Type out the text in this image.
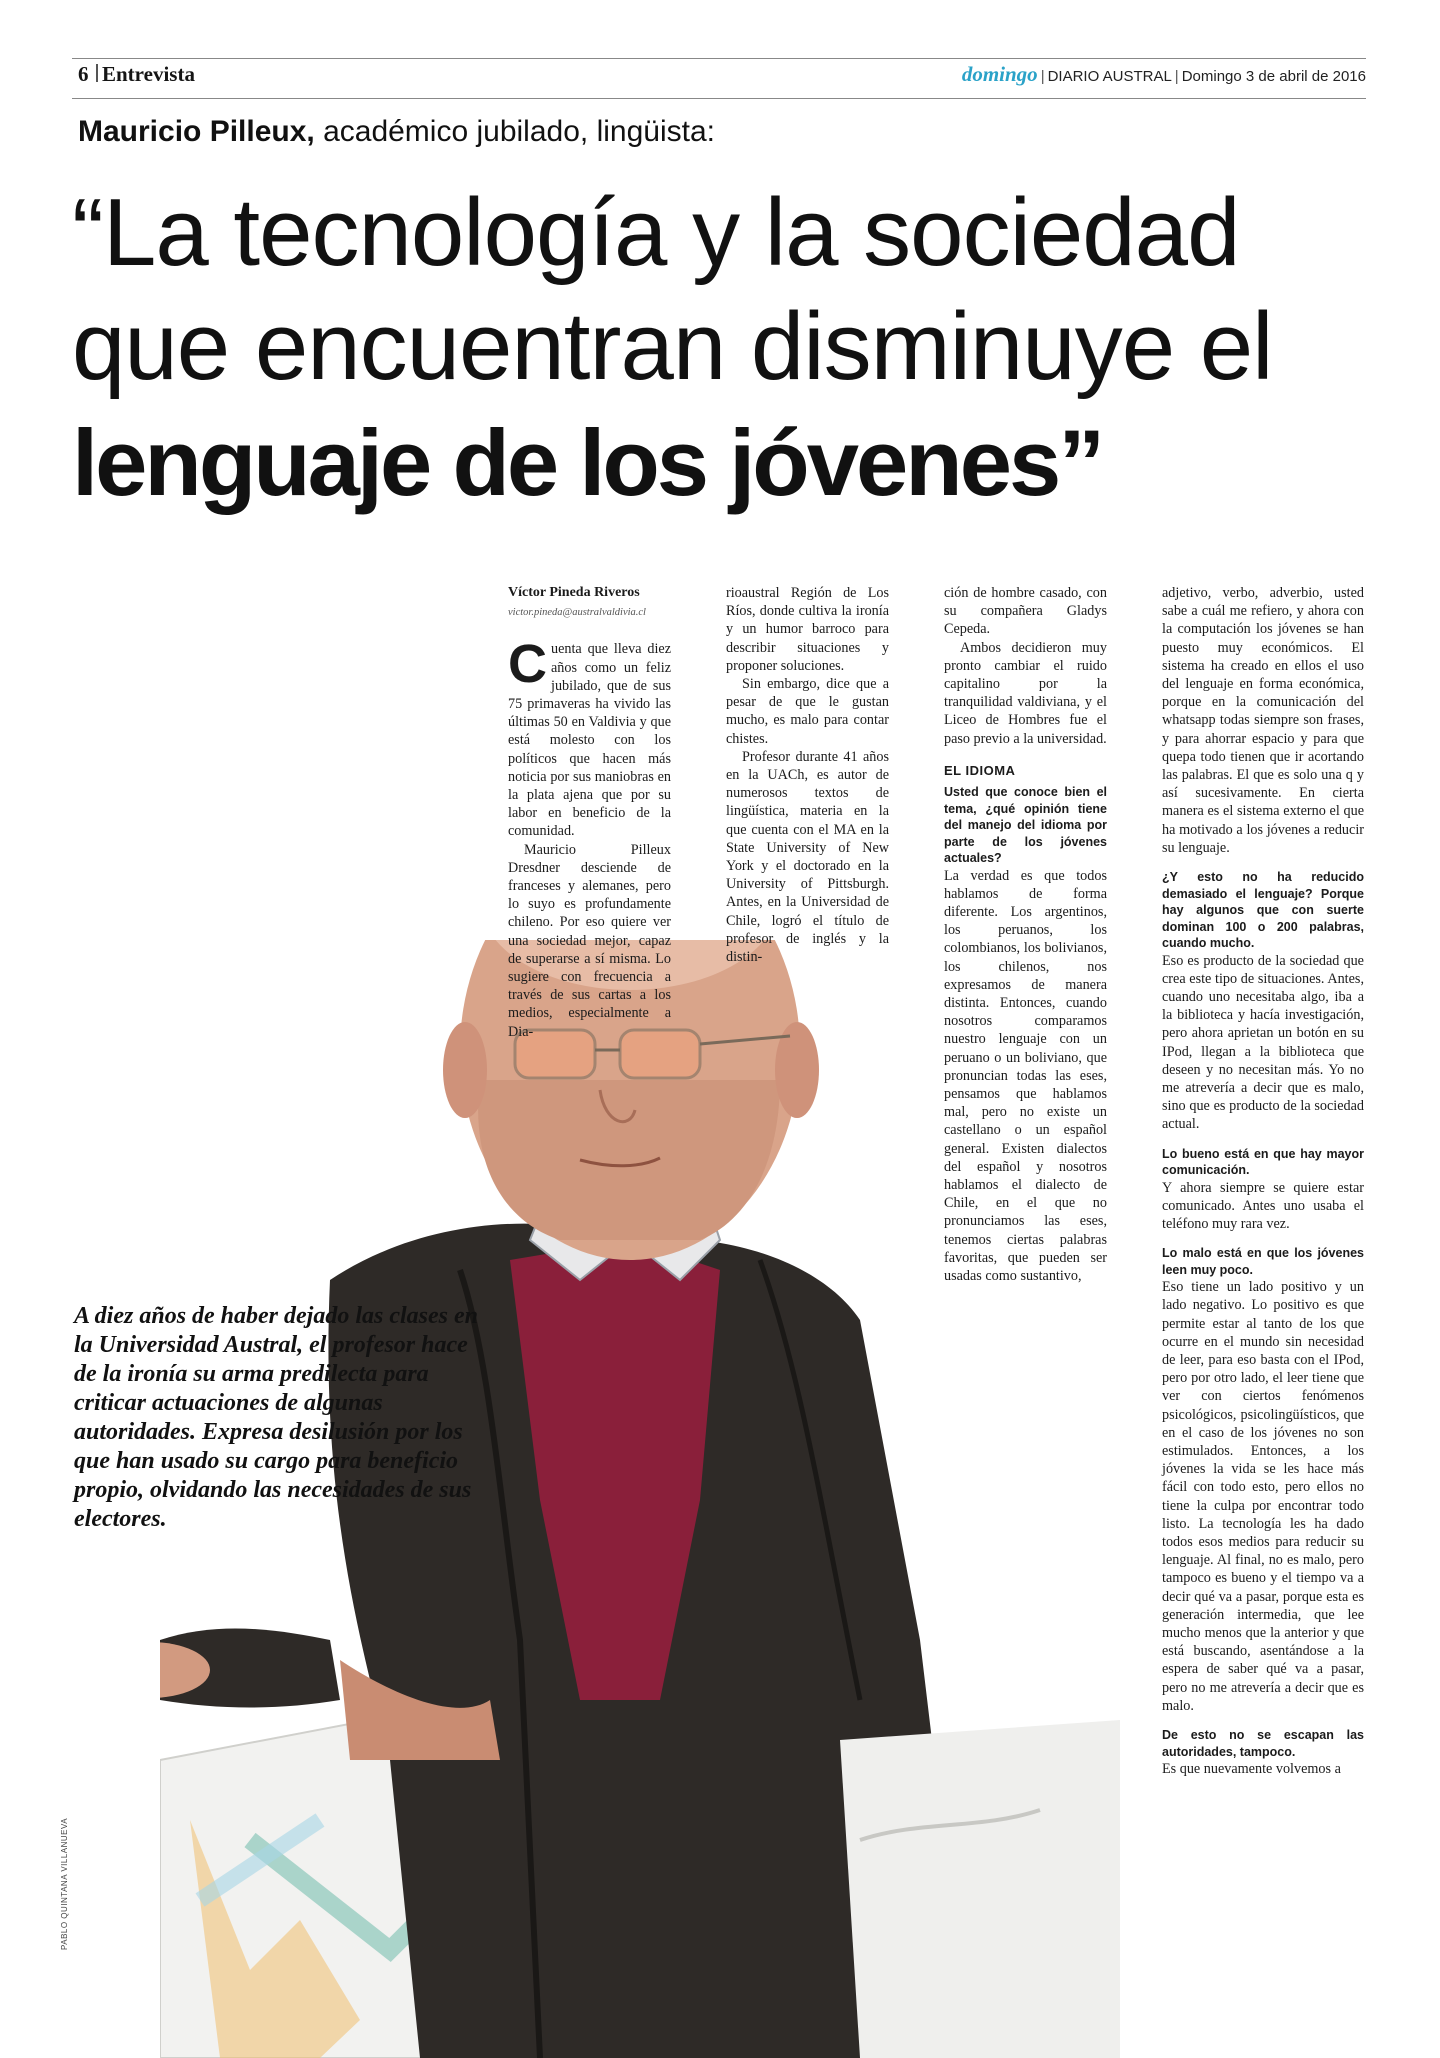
6 Entrevista	domingo | DIARIO AUSTRAL | Domingo 3 de abril de 2016
Mauricio Pilleux, académico jubilado, lingüista:
“La tecnología y la sociedad
que encuentran disminuye el
lenguaje de los jóvenes”
A diez años de haber dejado las clases en la Universidad Austral, el profesor hace de la ironía su arma predilecta para criticar actuaciones de algunas autoridades. Expresa desilusión por los que han usado su cargo para beneficio propio, olvidando las necesidades de sus electores.
PABLO QUINTANA VILLANUEVA

Víctor Pineda Riveros

victor.pineda@australvaldivia.cl

Cuenta que lleva diez años como un feliz jubilado, que de sus 75 primaveras ha vivido las últimas 50 en Valdivia y que está molesto con los políticos que hacen más noticia por sus maniobras en la plata ajena que por su labor en beneficio de la comunidad.

Mauricio Pilleux Dresdner desciende de franceses y alemanes, pero lo suyo es profundamente chileno. Por eso quiere ver una sociedad mejor, capaz de superarse a sí misma. Lo sugiere con frecuencia a través de sus cartas a los medios, especialmente a Dia-

rioaustral Región de Los Ríos, donde cultiva la ironía y un humor barroco para describir situaciones y proponer soluciones.

Sin embargo, dice que a pesar de que le gustan mucho, es malo para contar chistes.

Profesor durante 41 años en la UACh, es autor de numerosos textos de lingüística, materia en la que cuenta con el MA en la State University of New York y el doctorado en la University of Pittsburgh. Antes, en la Universidad de Chile, logró el título de profesor de inglés y la distin-

ción de hombre casado, con su compañera Gladys Cepeda.

Ambos decidieron muy pronto cambiar el ruido capitalino por la tranquilidad valdiviana, y el Liceo de Hombres fue el paso previo a la universidad.

EL IDIOMA

Usted que conoce bien el tema, ¿qué opinión tiene del manejo del idioma por parte de los jóvenes actuales?

La verdad es que todos hablamos de forma diferente. Los argentinos, los peruanos, los colombianos, los bolivianos, los chilenos, nos expresamos de manera distinta. Entonces, cuando nosotros comparamos nuestro lenguaje con un peruano o un boliviano, que pronuncian todas las eses, pensamos que hablamos mal, pero no existe un castellano o un español general. Existen dialectos del español y nosotros hablamos el dialecto de Chile, en el que no pronunciamos las eses, tenemos ciertas palabras favoritas, que pueden ser usadas como sustantivo,

adjetivo, verbo, adverbio, usted sabe a cuál me refiero, y ahora con la computación los jóvenes se han puesto muy económicos. El sistema ha creado en ellos el uso del lenguaje en forma económica, porque en la comunicación del whatsapp todas siempre son frases, y para ahorrar espacio y para que quepa todo tienen que ir acortando las palabras. El que es solo una q y así sucesivamente. En cierta manera es el sistema externo el que ha motivado a los jóvenes a reducir su lenguaje.

¿Y esto no ha reducido demasiado el lenguaje? Porque hay algunos que con suerte dominan 100 o 200 palabras, cuando mucho.

Eso es producto de la sociedad que crea este tipo de situaciones. Antes, cuando uno necesitaba algo, iba a la biblioteca y hacía investigación, pero ahora aprietan un botón en su IPod, llegan a la biblioteca que deseen y no necesitan más. Yo no me atrevería a decir que es malo, sino que es producto de la sociedad actual.

Lo bueno está en que hay mayor comunicación.

Y ahora siempre se quiere estar comunicado. Antes uno usaba el teléfono muy rara vez.

Lo malo está en que los jóvenes leen muy poco.

Eso tiene un lado positivo y un lado negativo. Lo positivo es que permite estar al tanto de los que ocurre en el mundo sin necesidad de leer, para eso basta con el IPod, pero por otro lado, el leer tiene que ver con ciertos fenómenos psicológicos, psicolingüísticos, que en el caso de los jóvenes no son estimulados. Entonces, a los jóvenes la vida se les hace más fácil con todo esto, pero ellos no tiene la culpa por encontrar todo listo. La tecnología les ha dado todos esos medios para reducir su lenguaje. Al final, no es malo, pero tampoco es bueno y el tiempo va a decir qué va a pasar, porque esta es generación intermedia, que lee mucho menos que la anterior y que está buscando, asentándose a la espera de saber qué va a pasar, pero no me atrevería a decir que es malo.

De esto no se escapan las autoridades, tampoco.

Es que nuevamente volvemos a
